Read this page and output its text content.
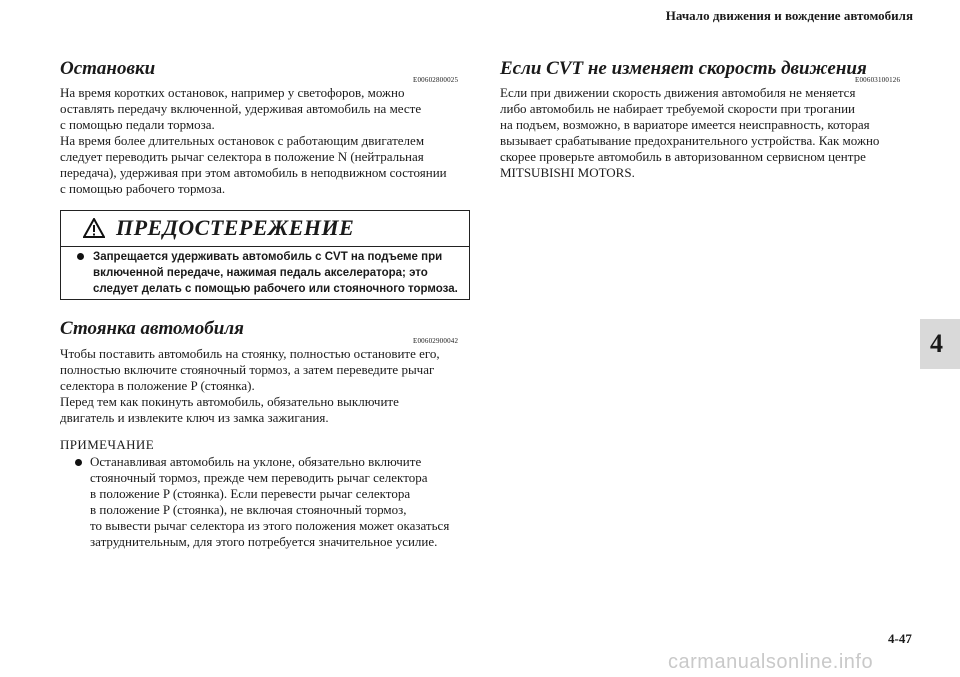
Начало движения и вождение автомобиля
Остановки
E00602800025
На время коротких остановок, например у светофоров, можно
оставлять передачу включенной, удерживая автомобиль на месте
с помощью педали тормоза.
На время более длительных остановок с работающим двигателем
следует переводить рычаг селектора в положение N (нейтральная
передача), удерживая при этом автомобиль в неподвижном состоянии
с помощью рабочего тормоза.
ПРЕДОСТЕРЕЖЕНИЕ
Запрещается удерживать автомобиль с CVT на подъеме при
включенной передаче, нажимая педаль акселератора; это
следует делать с помощью рабочего или стояночного тормоза.
Стоянка автомобиля
E00602900042
Чтобы поставить автомобиль на стоянку, полностью остановите его,
полностью включите стояночный тормоз, а затем переведите рычаг
селектора в положение P (стоянка).
Перед тем как покинуть автомобиль, обязательно выключите
двигатель и извлеките ключ из замка зажигания.
ПРИМЕЧАНИЕ
Останавливая автомобиль на уклоне, обязательно включите
стояночный тормоз, прежде чем переводить рычаг селектора
в положение P (стоянка). Если перевести рычаг селектора
в положение P (стоянка), не включая стояночный тормоз,
то вывести рычаг селектора из этого положения может оказаться
затруднительным, для этого потребуется значительное усилие.
Если CVT не изменяет скорость движения
E00603100126
Если при движении скорость движения автомобиля не меняется
либо автомобиль не набирает требуемой скорости при трогании
на подъем, возможно, в вариаторе имеется неисправность, которая
вызывает срабатывание предохранительного устройства. Как можно
скорее проверьте автомобиль в авторизованном сервисном центре
MITSUBISHI MOTORS.
4
4-47
carmanualsonline.info
